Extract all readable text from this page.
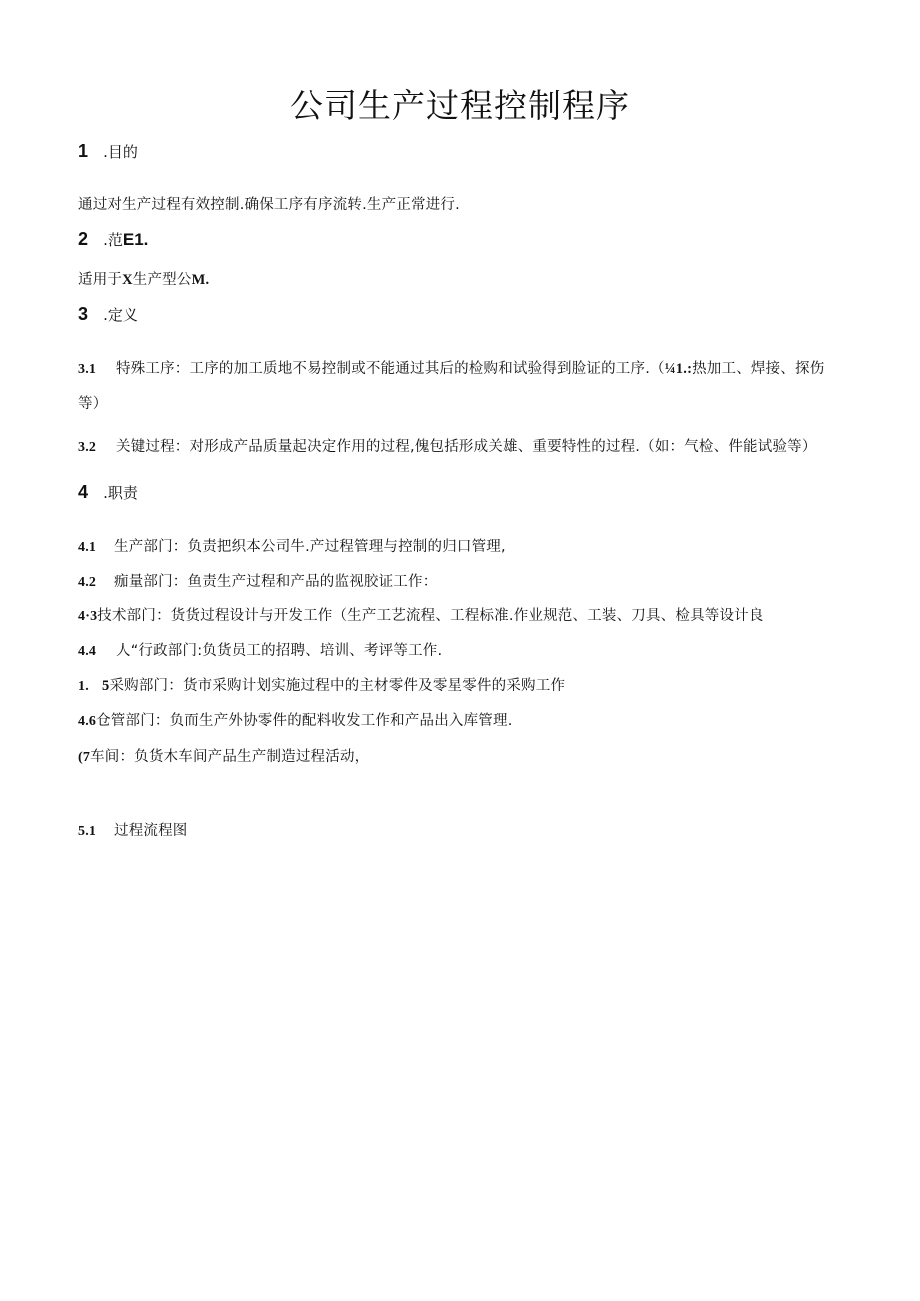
公司生产过程控制程序
1 .目的
通过对生产过程有效控制.确保工序有序流转.生产正常进行.
2 .范E1.
适用于X生产型公M.
3 .定义
3.1 特殊工序：工序的加工质地不易控制或不能通过其后的检购和试验得到脸证的工序.（¼1.:热加工、焊接、探伤
等）
3.2 关键过程：对形成产品质量起决定作用的过程,傀包括形成关雄、重要特性的过程.（如：气检、件能试验等）
4 .职责
4.1 生产部门：负责把织本公司牛.产过程管理与控制的归口管理,
4.2 痂量部门：鱼责生产过程和产品的监视胶证工作：
4·3技术部门：货货过程设计与开发工作（生产工艺流程、工程标准.作业规范、工装、刀具、检具等设计良
4.4 人“行政部门:负货员工的招聘、培训、考评等工作.
1. 5采购部门：货市采购计划实施过程中的主材零件及零星零件的采购工作
4.6仓管部门：负而生产外协零件的配料收发工作和产品出入库管理.
(7车间：负货木车间产品生产制造过程活动，
5.1 过程流程图
